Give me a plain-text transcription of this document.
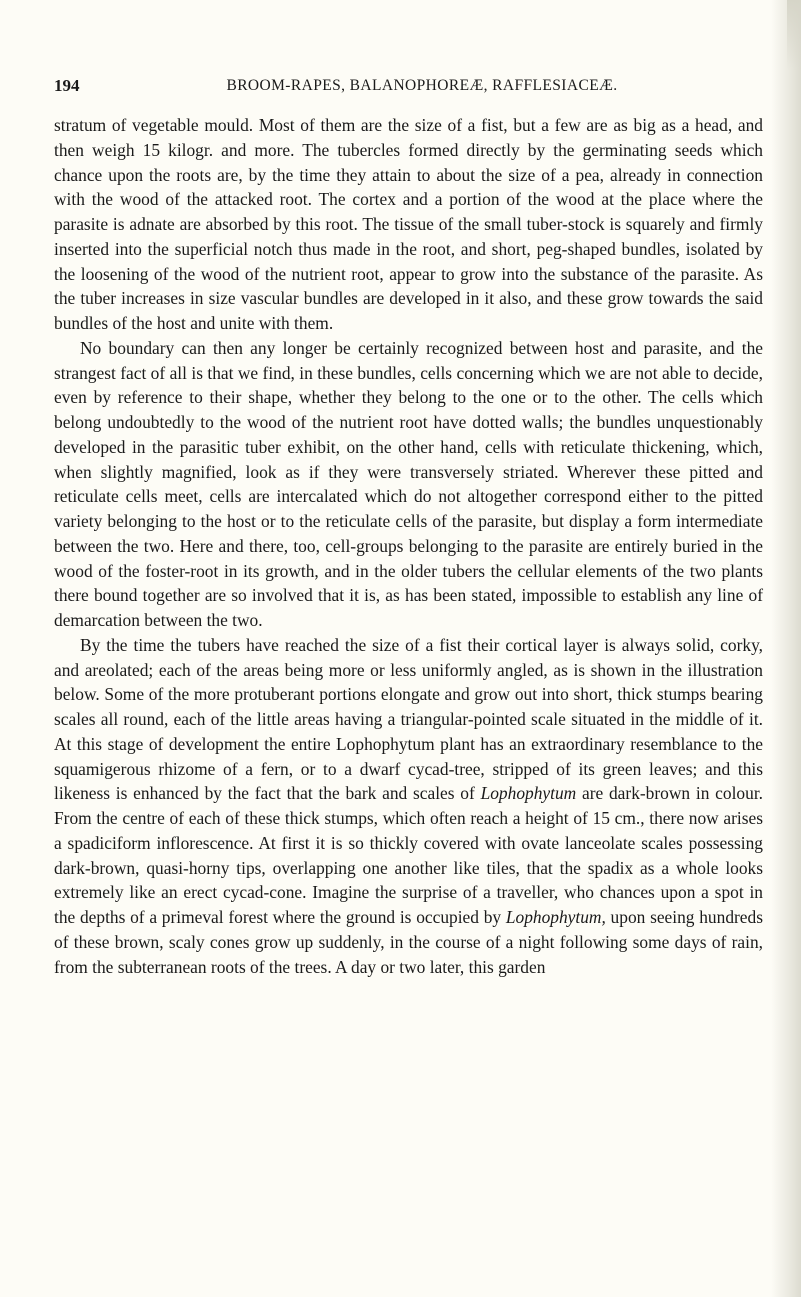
194	BROOM-RAPES, BALANOPHOREÆ, RAFFLESIACEÆ.

stratum of vegetable mould. Most of them are the size of a fist, but a few are as big as a head, and then weigh 15 kilogr. and more. The tubercles formed directly by the germinating seeds which chance upon the roots are, by the time they attain to about the size of a pea, already in connection with the wood of the attacked root. The cortex and a portion of the wood at the place where the parasite is adnate are absorbed by this root. The tissue of the small tuber-stock is squarely and firmly inserted into the superficial notch thus made in the root, and short, peg-shaped bundles, isolated by the loosening of the wood of the nutrient root, appear to grow into the substance of the parasite. As the tuber increases in size vascular bundles are developed in it also, and these grow towards the said bundles of the host and unite with them.

No boundary can then any longer be certainly recognized between host and parasite, and the strangest fact of all is that we find, in these bundles, cells concerning which we are not able to decide, even by reference to their shape, whether they belong to the one or to the other. The cells which belong undoubtedly to the wood of the nutrient root have dotted walls; the bundles unquestionably developed in the parasitic tuber exhibit, on the other hand, cells with reticulate thickening, which, when slightly magnified, look as if they were transversely striated. Wherever these pitted and reticulate cells meet, cells are intercalated which do not altogether correspond either to the pitted variety belonging to the host or to the reticulate cells of the parasite, but display a form intermediate between the two. Here and there, too, cell-groups belonging to the parasite are entirely buried in the wood of the foster-root in its growth, and in the older tubers the cellular elements of the two plants there bound together are so involved that it is, as has been stated, impossible to establish any line of demarcation between the two.

By the time the tubers have reached the size of a fist their cortical layer is always solid, corky, and areolated; each of the areas being more or less uniformly angled, as is shown in the illustration below. Some of the more protuberant portions elongate and grow out into short, thick stumps bearing scales all round, each of the little areas having a triangular-pointed scale situated in the middle of it. At this stage of development the entire Lophophytum plant has an extraordinary resemblance to the squamigerous rhizome of a fern, or to a dwarf cycad-tree, stripped of its green leaves; and this likeness is enhanced by the fact that the bark and scales of Lophophytum are dark-brown in colour. From the centre of each of these thick stumps, which often reach a height of 15 cm., there now arises a spadiciform inflorescence. At first it is so thickly covered with ovate lanceolate scales possessing dark-brown, quasi-horny tips, overlapping one another like tiles, that the spadix as a whole looks extremely like an erect cycad-cone. Imagine the surprise of a traveller, who chances upon a spot in the depths of a primeval forest where the ground is occupied by Lophophytum, upon seeing hundreds of these brown, scaly cones grow up suddenly, in the course of a night following some days of rain, from the subterranean roots of the trees. A day or two later, this garden
